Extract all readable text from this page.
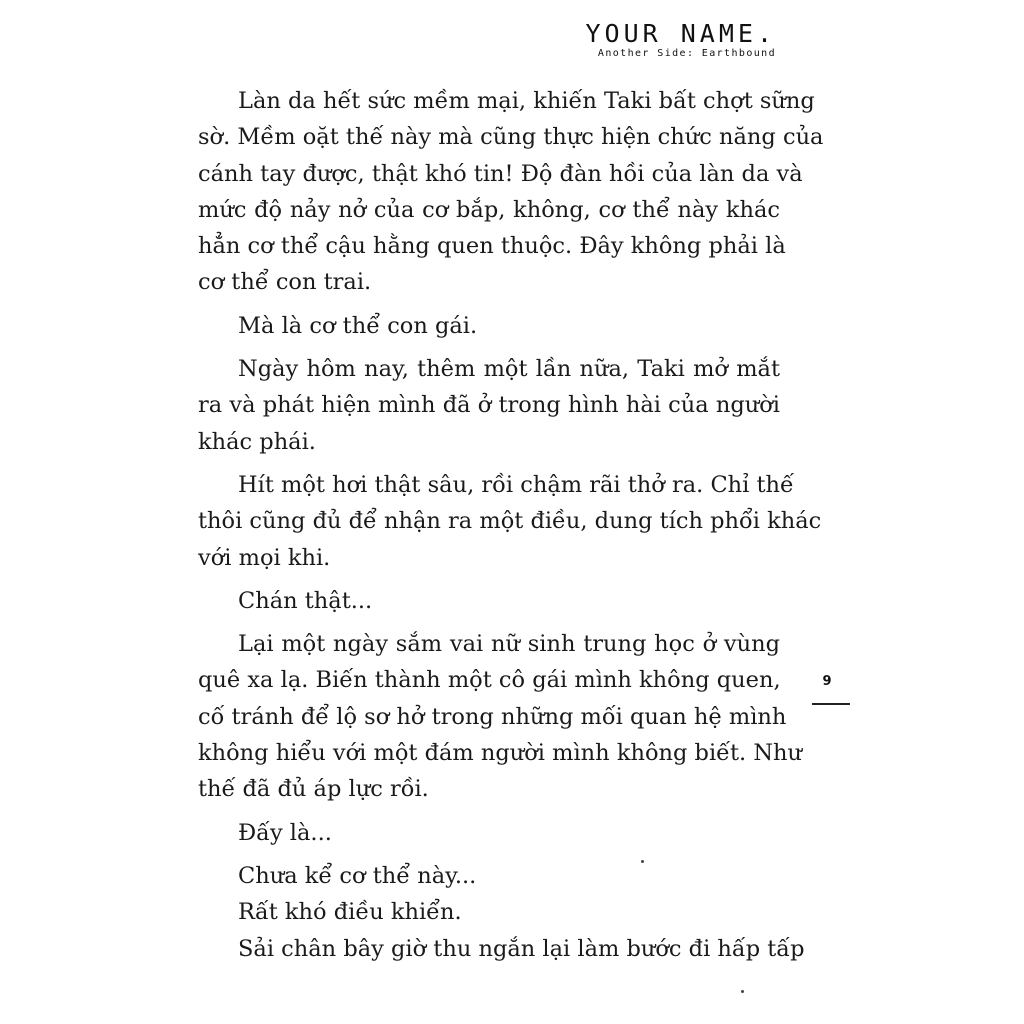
YOUR NAME.
Another Side: Earthbound
Làn da hết sức mềm mại, khiến Taki bất chợt sững
sờ. Mềm oặt thế này mà cũng thực hiện chức năng của
cánh tay được, thật khó tin! Độ đàn hồi của làn da và
mức độ nảy nở của cơ bắp, không, cơ thể này khác
hẳn cơ thể cậu hằng quen thuộc. Đây không phải là
cơ thể con trai.
Mà là cơ thể con gái.
Ngày hôm nay, thêm một lần nữa, Taki mở mắt
ra và phát hiện mình đã ở trong hình hài của người
khác phái.
Hít một hơi thật sâu, rồi chậm rãi thở ra. Chỉ thế
thôi cũng đủ để nhận ra một điều, dung tích phổi khác
với mọi khi.
Chán thật...
Lại một ngày sắm vai nữ sinh trung học ở vùng
quê xa lạ. Biến thành một cô gái mình không quen,
cố tránh để lộ sơ hở trong những mối quan hệ mình
không hiểu với một đám người mình không biết. Như
thế đã đủ áp lực rồi.
Đấy là...
Chưa kể cơ thể này...
Rất khó điều khiển.
Sải chân bây giờ thu ngắn lại làm bước đi hấp tấp
9
